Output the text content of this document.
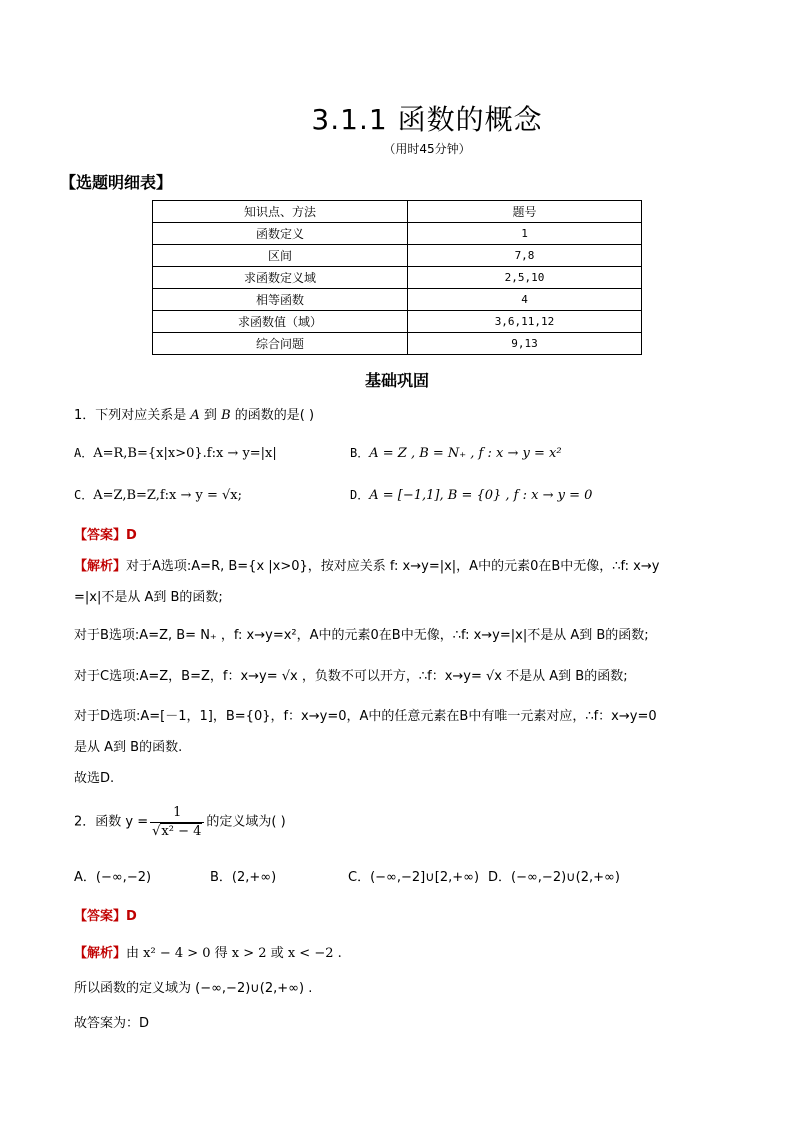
3.1.1 函数的概念
（用时45分钟）
【选题明细表】
知识点、方法	题号
函数定义	1
区间	7,8
求函数定义域	2,5,10
相等函数	4
求函数值（域）	3,6,11,12
综合问题	9,13
基础巩固
1．下列对应关系是 A 到 B 的函数的是( )
A．A=R,B={x|x>0}.f:x → y=|x|	B．A = Z , B = N₊ , f : x → y = x²
C．A=Z,B=Z,f:x → y = √x;	D．A = [−1,1], B = {0} , f : x → y = 0
【答案】D
【解析】对于A选项:A=R, B={x |x>0}，按对应关系 f: x→y=|x|，A中的元素0在B中无像，∴f: x→y
=|x|不是从 A到 B的函数;
对于B选项:A=Z, B= N₊ ，f: x→y=x²，A中的元素0在B中无像，∴f: x→y=|x|不是从 A到 B的函数;
对于C选项:A=Z，B=Z，f：x→y= √x ，负数不可以开方，∴f：x→y= √x 不是从 A到 B的函数;
对于D选项:A=[－1，1]，B={0}，f：x→y=0，A中的任意元素在B中有唯一元素对应，∴f：x→y=0
是从 A到 B的函数.
故选D.
2．函数 $y = \frac{1}{\text{√x² − 4}}$ 的定义域为( )
A．(−∞,−2)	B．(2,+∞)	C．(−∞,−2]∪[2,+∞) D．(−∞,−2)∪(2,+∞)
【答案】D
【解析】由 x² − 4 > 0 得 x > 2 或 x < −2 .
所以函数的定义域为 (−∞,−2)∪(2,+∞) .
故答案为：D
